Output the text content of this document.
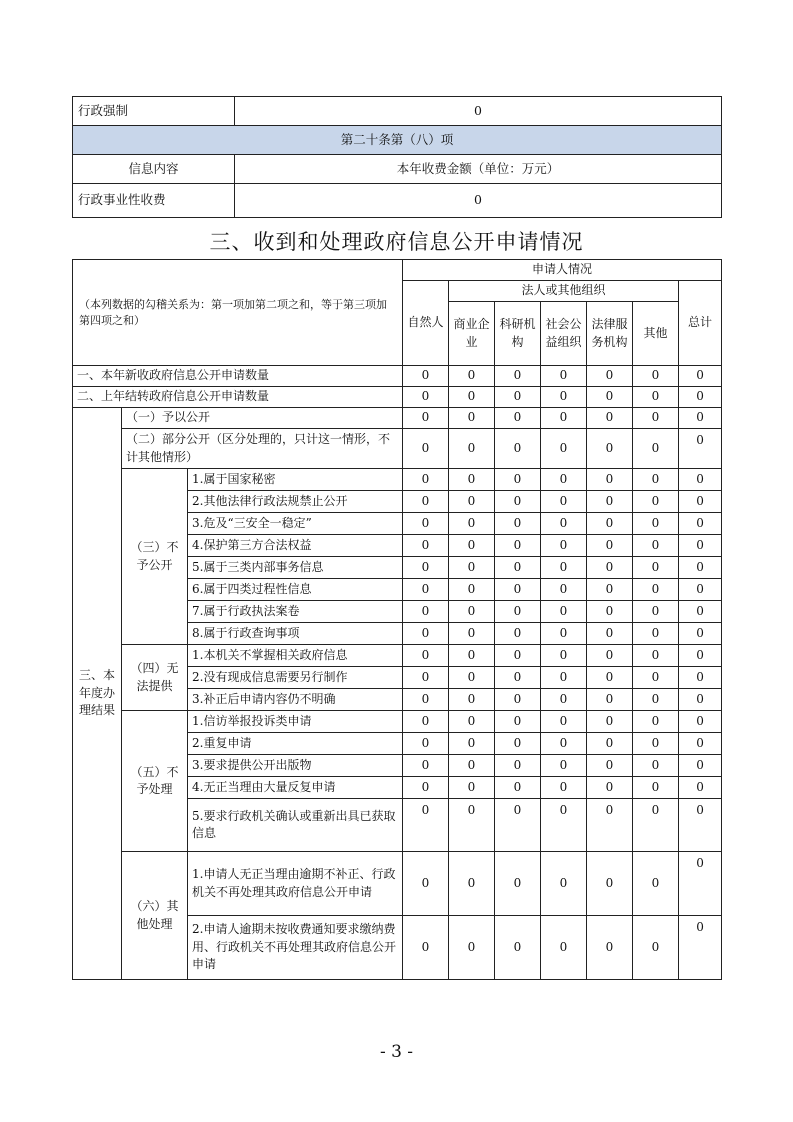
行政强制	0
第二十条第（八）项	
信息内容	本年收费金额（单位：万元）
行政事业性收费	0
三、收到和处理政府信息公开申请情况
（本列数据的勾稽关系为：第一项加第二项之和，等于第三项加第四项之和）			申请人情况						
			自然人	法人或其他组织					总计
				商业企业	科研机构	社会公益组织	法律服务机构	其他	
一、本年新收政府信息公开申请数量			0	0	0	0	0	0	0
二、上年结转政府信息公开申请数量			0	0	0	0	0	0	0
三、本年度办理结果	（一）予以公开		0	0	0	0	0	0	0
	（二）部分公开（区分处理的，只计这一情形，不计其他情形）		0	0	0	0	0	0	0
	（三）不予公开	1.属于国家秘密	0	0	0	0	0	0	0
		2.其他法律行政法规禁止公开	0	0	0	0	0	0	0
		3.危及“三安全一稳定”	0	0	0	0	0	0	0
		4.保护第三方合法权益	0	0	0	0	0	0	0
		5.属于三类内部事务信息	0	0	0	0	0	0	0
		6.属于四类过程性信息	0	0	0	0	0	0	0
		7.属于行政执法案卷	0	0	0	0	0	0	0
		8.属于行政查询事项	0	0	0	0	0	0	0
	（四）无法提供	1.本机关不掌握相关政府信息	0	0	0	0	0	0	0
		2.没有现成信息需要另行制作	0	0	0	0	0	0	0
		3.补正后申请内容仍不明确	0	0	0	0	0	0	0
	（五）不予处理	1.信访举报投诉类申请	0	0	0	0	0	0	0
		2.重复申请	0	0	0	0	0	0	0
		3.要求提供公开出版物	0	0	0	0	0	0	0
		4.无正当理由大量反复申请	0	0	0	0	0	0	0
		5.要求行政机关确认或重新出具已获取信息	0	0	0	0	0	0	0
	（六）其他处理	1.申请人无正当理由逾期不补正、行政机关不再处理其政府信息公开申请	0	0	0	0	0	0	0
		2.申请人逾期未按收费通知要求缴纳费用、行政机关不再处理其政府信息公开申请	0	0	0	0	0	0	0
- 3 -
